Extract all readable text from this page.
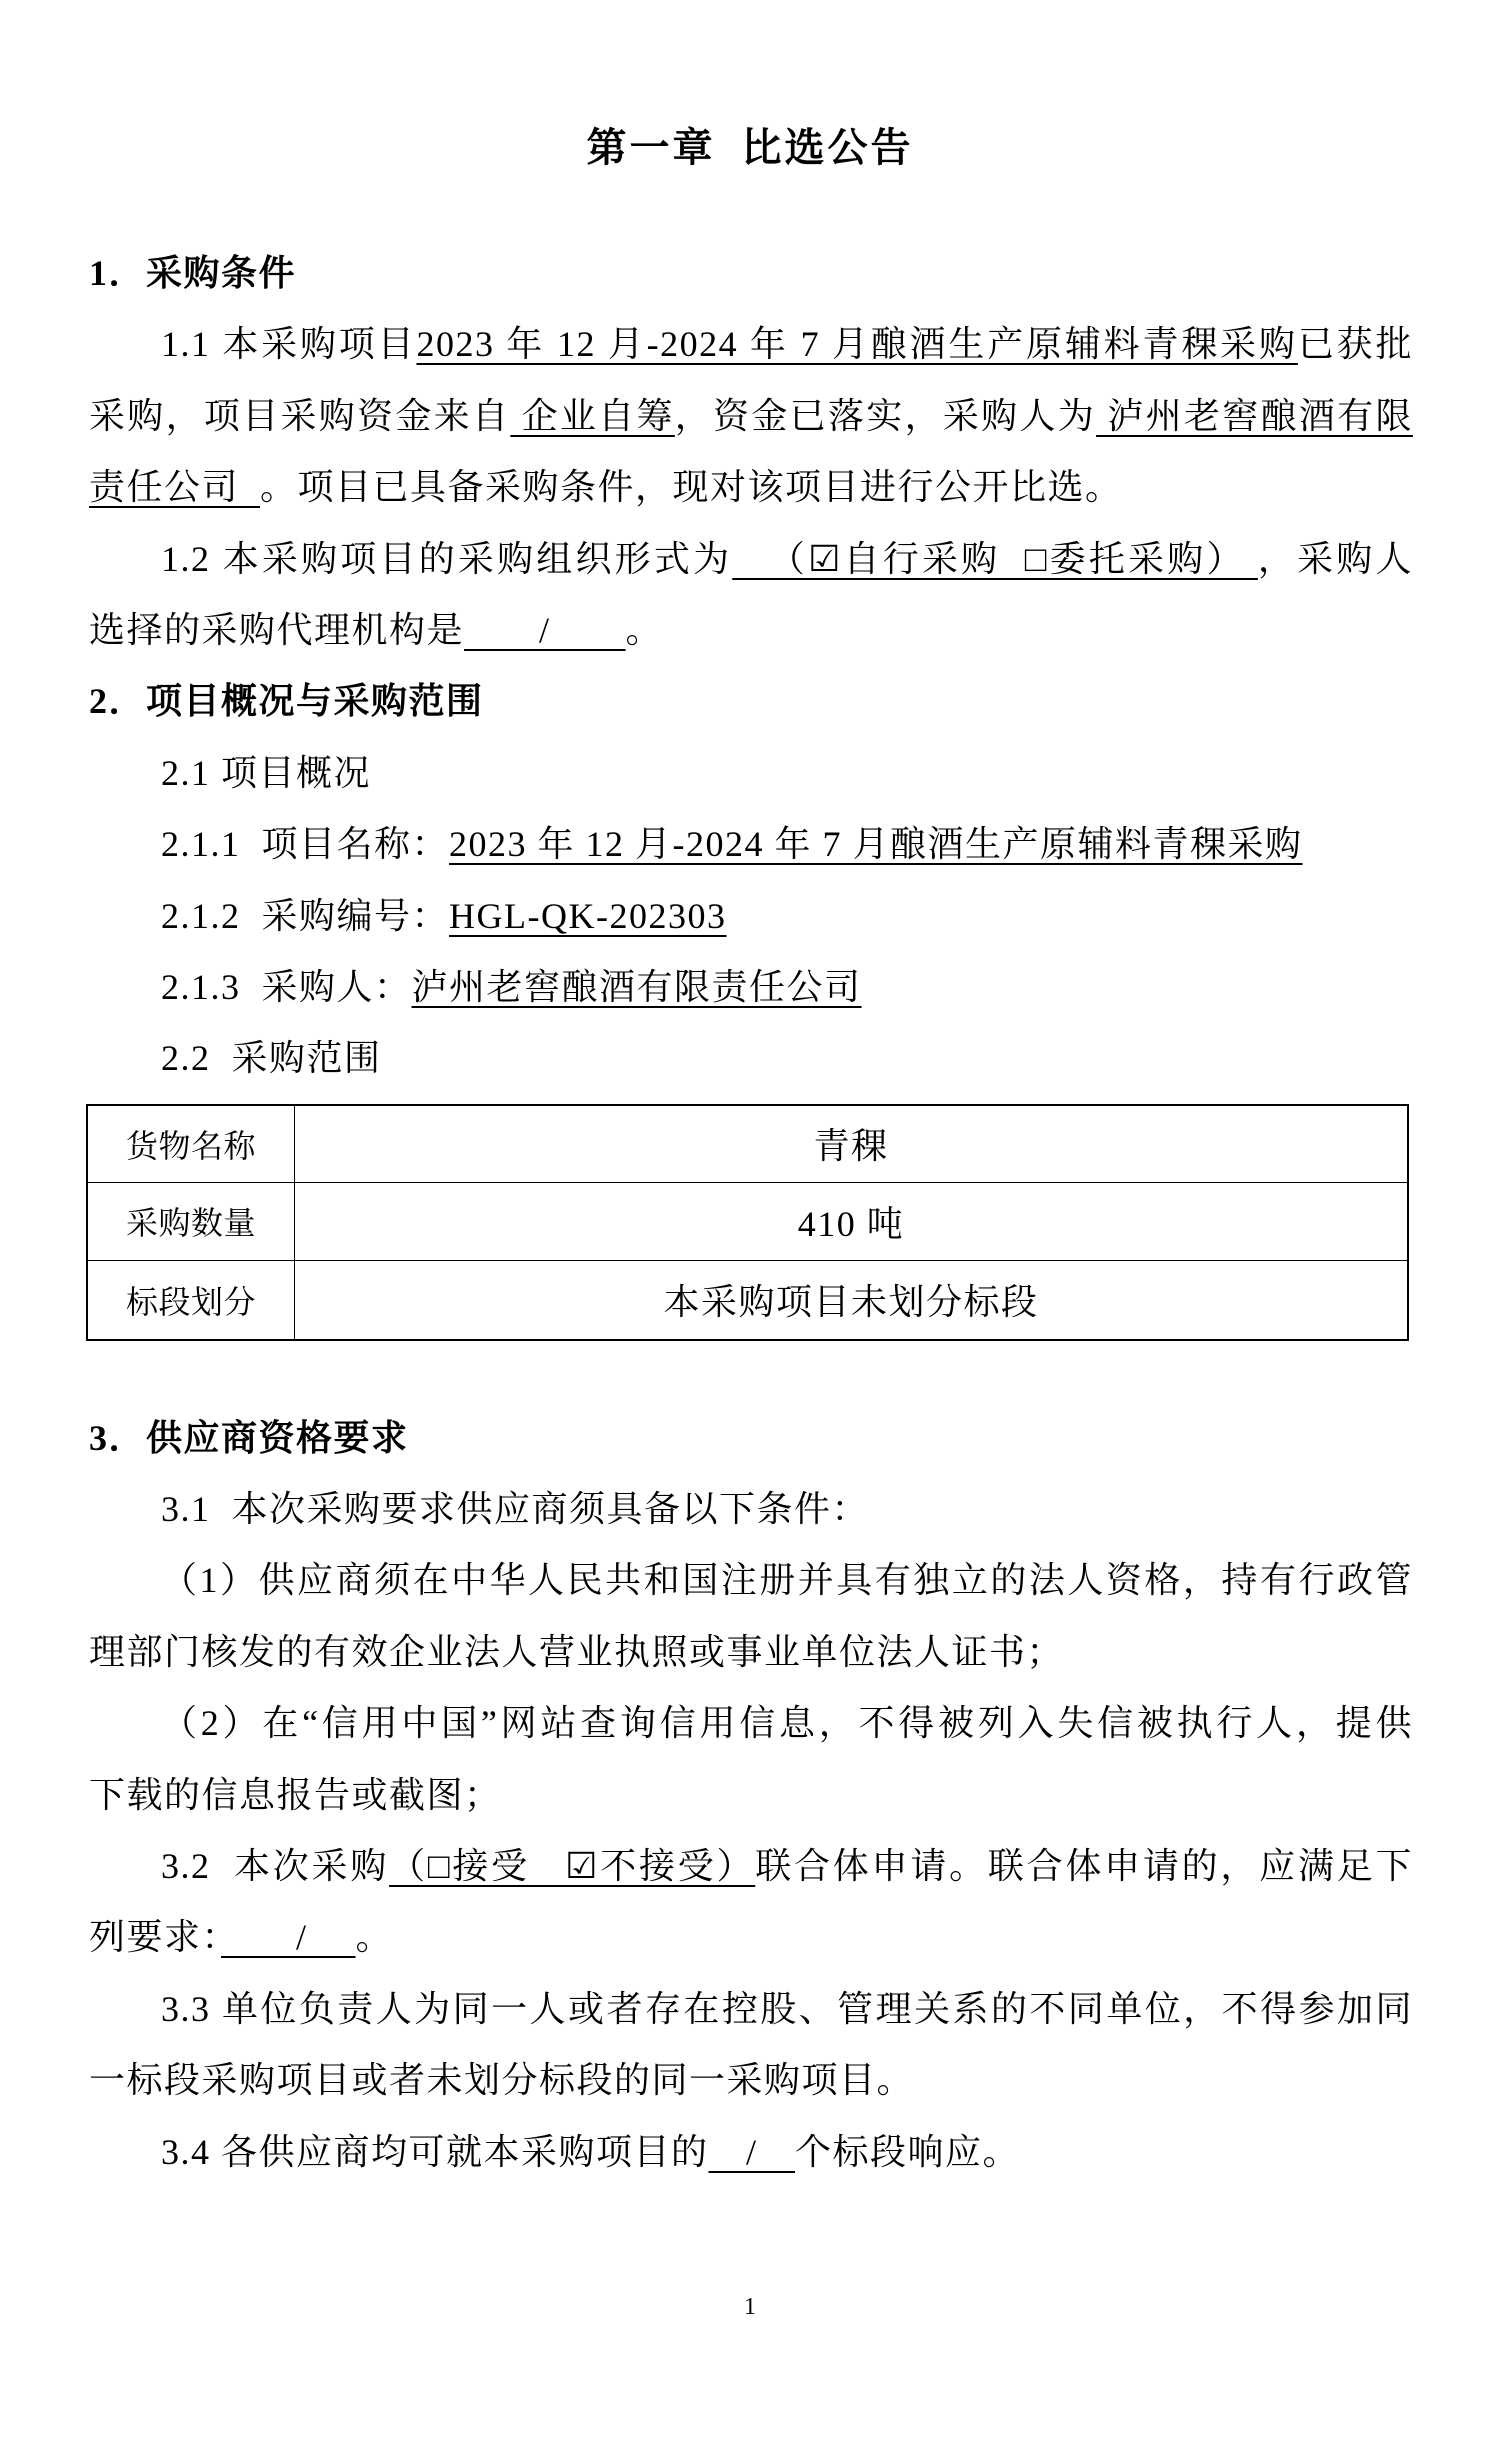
第一章  比选公告
1．采购条件
1.1 本采购项目2023 年 12 月-2024 年 7 月酿酒生产原辅料青稞采购已获批
采购，项目采购资金来自 企业自筹，资金已落实，采购人为 泸州老窖酿酒有限
责任公司  。项目已具备采购条件，现对该项目进行公开比选。
1.2 本采购项目的采购组织形式为   （☑自行采购  □委托采购） ，采购人
选择的采购代理机构是　　/　　。
2．项目概况与采购范围
2.1 项目概况
2.1.1  项目名称：2023 年 12 月-2024 年 7 月酿酒生产原辅料青稞采购
2.1.2  采购编号：HGL-QK-202303
2.1.3  采购人：泸州老窖酿酒有限责任公司
2.2  采购范围
货物名称	青稞
采购数量	410 吨
标段划分	本采购项目未划分标段
3．供应商资格要求
3.1  本次采购要求供应商须具备以下条件：
（1）供应商须在中华人民共和国注册并具有独立的法人资格，持有行政管
理部门核发的有效企业法人营业执照或事业单位法人证书；
（2）在“信用中国”网站查询信用信息，不得被列入失信被执行人，提供
下载的信息报告或截图；
3.2  本次采购（□接受   ☑不接受）联合体申请。联合体申请的，应满足下
列要求：　　/　 。
3.3 单位负责人为同一人或者存在控股、管理关系的不同单位，不得参加同
一标段采购项目或者未划分标段的同一采购项目。
3.4 各供应商均可就本采购项目的　/　个标段响应。
1
